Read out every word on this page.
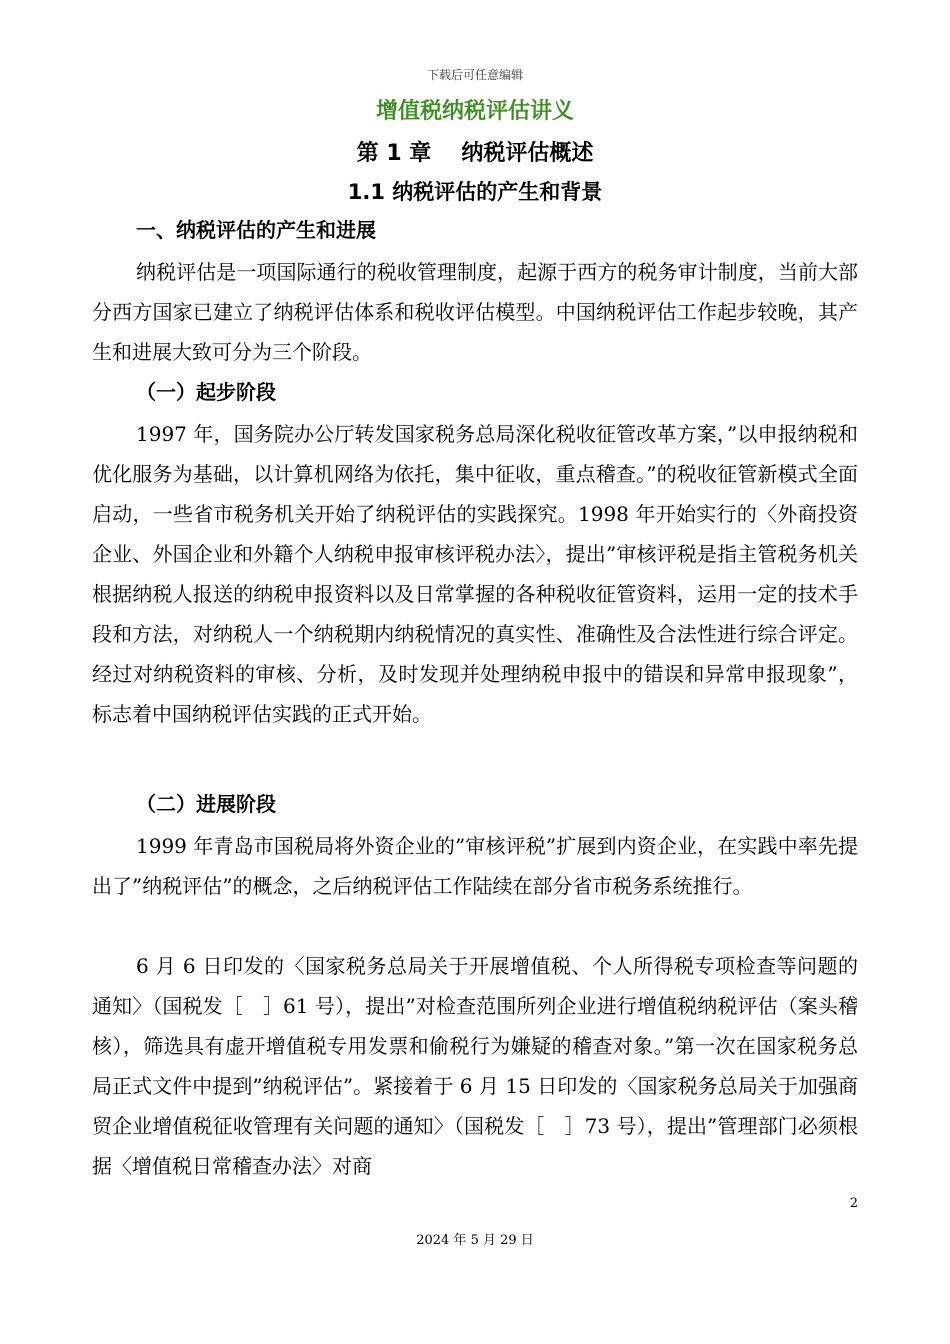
下载后可任意编辑
增值税纳税评估讲义
第 1 章 纳税评估概述
1.1 纳税评估的产生和背景
一、纳税评估的产生和进展
纳税评估是一项国际通行的税收管理制度，起源于西方的税务审计制度，当前大部分西方国家已建立了纳税评估体系和税收评估模型。中国纳税评估工作起步较晚，其产生和进展大致可分为三个阶段。
（一）起步阶段
1997 年，国务院办公厅转发国家税务总局深化税收征管改革方案，”以申报纳税和优化服务为基础，以计算机网络为依托，集中征收，重点稽查。”的税收征管新模式全面启动，一些省市税务机关开始了纳税评估的实践探究。1998 年开始实行的〈外商投资企业、外国企业和外籍个人纳税申报审核评税办法〉，提出”审核评税是指主管税务机关根据纳税人报送的纳税申报资料以及日常掌握的各种税收征管资料，运用一定的技术手段和方法，对纳税人一个纳税期内纳税情况的真实性、准确性及合法性进行综合评定。经过对纳税资料的审核、分析，及时发现并处理纳税申报中的错误和异常申报现象”，标志着中国纳税评估实践的正式开始。
（二）进展阶段
1999 年青岛市国税局将外资企业的”审核评税”扩展到内资企业，在实践中率先提出了”纳税评估”的概念，之后纳税评估工作陆续在部分省市税务系统推行。
6 月 6 日印发的〈国家税务总局关于开展增值税、个人所得税专项检查等问题的通知〉（国税发［　］61 号），提出”对检查范围所列企业进行增值税纳税评估（案头稽核），筛选具有虚开增值税专用发票和偷税行为嫌疑的稽查对象。”第一次在国家税务总局正式文件中提到”纳税评估”。紧接着于 6 月 15 日印发的〈国家税务总局关于加强商贸企业增值税征收管理有关问题的通知〉（国税发［　］73 号），提出”管理部门必须根据〈增值税日常稽查办法〉对商
2
2024 年 5 月 29 日
